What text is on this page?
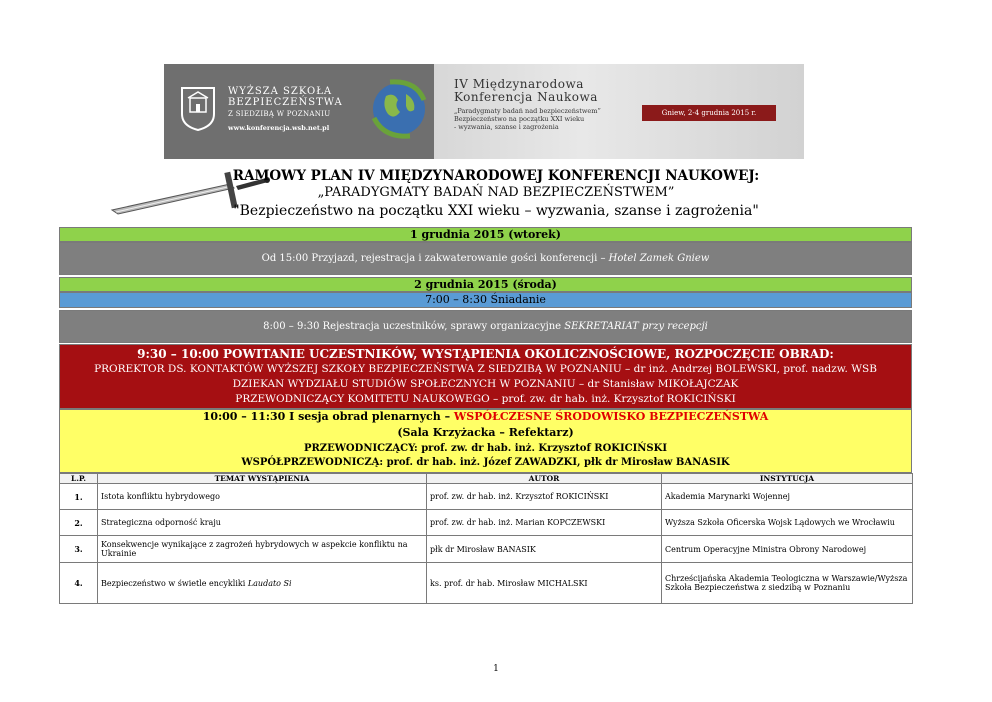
WYŻSZA SZKOŁA BEZPIECZEŃSTWA
Z SIEDZIBĄ W POZNANIU
www.konferencja.wsb.net.pl
IV Międzynarodowa Konferencja Naukowa
„Paradygmaty badań nad bezpieczeństwem”
Bezpieczeństwo na początku XXI wieku
- wyzwania, szanse i zagrożenia
Gniew, 2-4 grudnia 2015 r.
RAMOWY PLAN IV MIĘDZYNARODOWEJ KONFERENCJI NAUKOWEJ:
„PARADYGMATY BADAŃ NAD BEZPIECZEŃSTWEM”
"Bezpieczeństwo na początku XXI wieku – wyzwania, szanse i zagrożenia"
1 grudnia 2015 (wtorek)
Od 15:00 Przyjazd, rejestracja i zakwaterowanie gości konferencji – Hotel Zamek Gniew
2 grudnia 2015 (środa)
7:00 – 8:30 Śniadanie
8:00 – 9:30 Rejestracja uczestników, sprawy organizacyjne SEKRETARIAT przy recepcji
9:30 – 10:00 POWITANIE UCZESTNIKÓW, WYSTĄPIENIA OKOLICZNOŚCIOWE, ROZPOCZĘCIE OBRAD:
PROREKTOR DS. KONTAKTÓW WYŻSZEJ SZKOŁY BEZPIECZEŃSTWA Z SIEDZIBĄ W POZNANIU – dr inż. Andrzej BOLEWSKI, prof. nadzw. WSB
DZIEKAN WYDZIAŁU STUDIÓW SPOŁECZNYCH W POZNANIU – dr Stanisław MIKOŁAJCZAK
PRZEWODNICZĄCY KOMITETU NAUKOWEGO – prof. zw. dr hab. inż. Krzysztof ROKICIŃSKI
10:00 – 11:30 I sesja obrad plenarnych – WSPÓŁCZESNE ŚRODOWISKO BEZPIECZEŃSTWA
(Sala Krzyżacka – Refektarz)
PRZEWODNICZĄCY: prof. zw. dr hab. inż. Krzysztof ROKICIŃSKI
WSPÓŁPRZEWODNICZĄ: prof. dr hab. inż. Józef ZAWADZKI, płk dr Mirosław BANASIK
L.P.	TEMAT WYSTĄPIENIA	AUTOR	INSTYTUCJA
1.	Istota konfliktu hybrydowego	prof. zw. dr hab. inż. Krzysztof ROKICIŃSKI	Akademia Marynarki Wojennej
2.	Strategiczna odporność kraju	prof. zw. dr hab. inż. Marian KOPCZEWSKI	Wyższa Szkoła Oficerska Wojsk Lądowych we Wrocławiu
3.	Konsekwencje wynikające z zagrożeń hybrydowych w aspekcie konfliktu na Ukrainie	płk dr Mirosław BANASIK	Centrum Operacyjne Ministra Obrony Narodowej
4.	Bezpieczeństwo w świetle encykliki Laudato Si	ks. prof. dr hab. Mirosław MICHALSKI	Chrześcijańska Akademia Teologiczna w Warszawie/Wyższa Szkoła Bezpieczeństwa z siedzibą w Poznaniu
1
